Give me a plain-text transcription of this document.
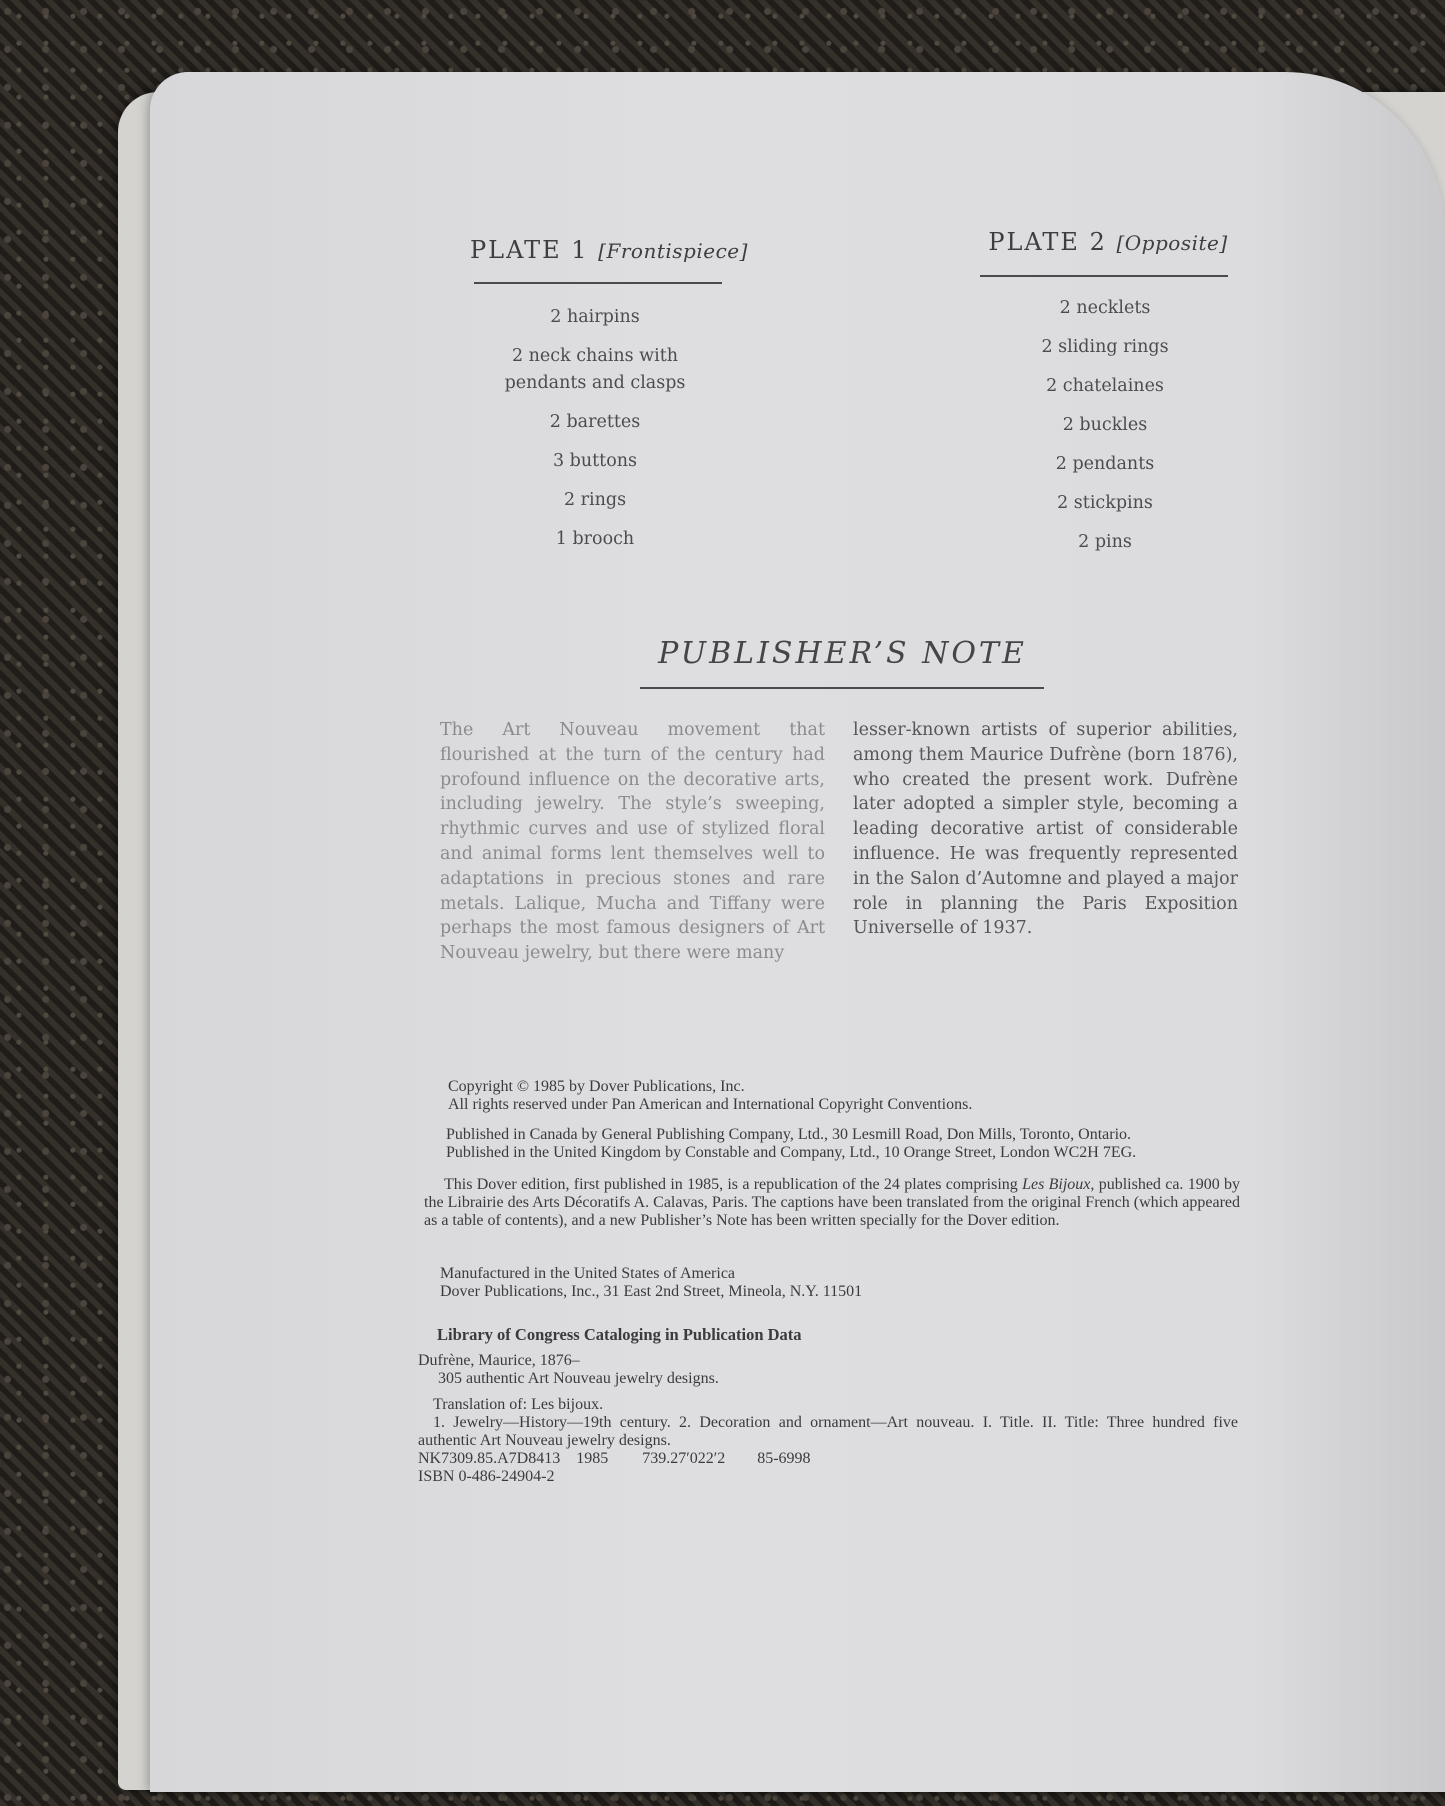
PLATE 1 [Frontispiece]
2 hairpins
2 neck chains with
pendants and clasps
2 barettes
3 buttons
2 rings
1 brooch
PLATE 2 [Opposite]
2 necklets
2 sliding rings
2 chatelaines
2 buckles
2 pendants
2 stickpins
2 pins
PUBLISHER’S NOTE
The Art Nouveau movement that flourished at the turn of the century had profound influence on the decorative arts, including jewelry. The style’s sweeping, rhythmic curves and use of stylized floral and animal forms lent themselves well to adaptations in precious stones and rare metals. Lalique, Mucha and Tiffany were perhaps the most famous designers of Art Nouveau jewelry, but there were many
lesser-known artists of superior abilities, among them Maurice Dufrène (born 1876), who created the present work. Dufrène later adopted a simpler style, becoming a leading decorative artist of considerable influence. He was frequently represented in the Salon d’Automne and played a major role in planning the Paris Exposition Universelle of 1937.

Copyright © 1985 by Dover Publications, Inc.

All rights reserved under Pan American and International Copyright Conventions.

Published in Canada by General Publishing Company, Ltd., 30 Lesmill Road, Don Mills, Toronto, Ontario.

Published in the United Kingdom by Constable and Company, Ltd., 10 Orange Street, London WC2H 7EG.

This Dover edition, first published in 1985, is a republication of the 24 plates comprising Les Bijoux, published ca. 1900 by the Librairie des Arts Décoratifs A. Calavas, Paris. The captions have been translated from the original French (which appeared as a table of contents), and a new Publisher’s Note has been written specially for the Dover edition.

Manufactured in the United States of America

Dover Publications, Inc., 31 East 2nd Street, Mineola, N.Y. 11501

Library of Congress Cataloging in Publication Data

Dufrène, Maurice, 1876–

305 authentic Art Nouveau jewelry designs.

Translation of: Les bijoux.

1. Jewelry—History—19th century. 2. Decoration and ornament—Art nouveau. I. Title. II. Title: Three hundred five authentic Art Nouveau jewelry designs.

NK7309.85.A7D8413 1985 739.27′022′2 85-6998

ISBN 0-486-24904-2
